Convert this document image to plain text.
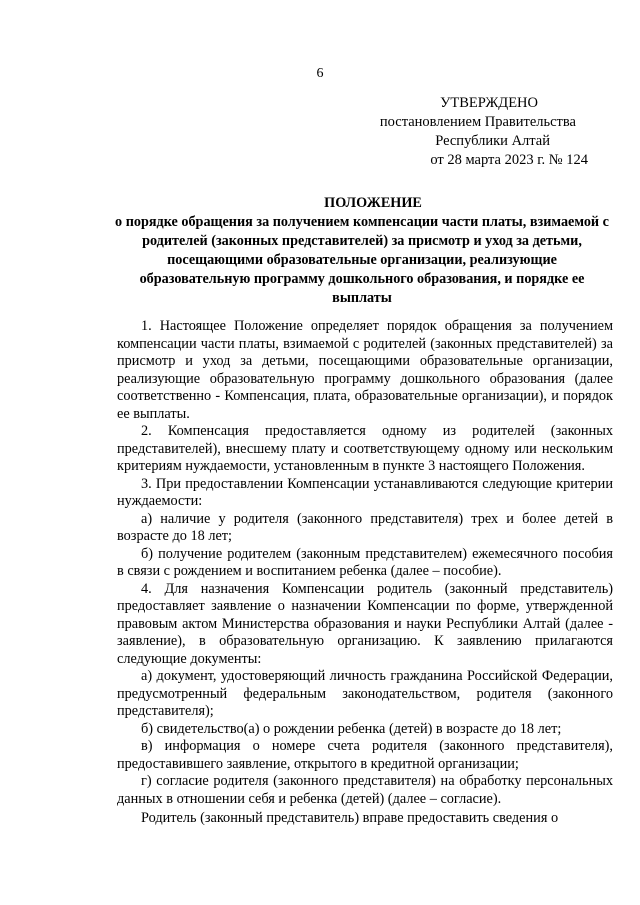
6
УТВЕРЖДЕНО
постановлением Правительства
Республики Алтай
от 28 марта 2023 г. № 124
ПОЛОЖЕНИЕ
о порядке обращения за получением компенсации части платы, взимаемой с родителей (законных представителей) за присмотр и уход за детьми, посещающими образовательные организации, реализующие образовательную программу дошкольного образования, и порядке ее выплаты

1. Настоящее Положение определяет порядок обращения за получением компенсации части платы, взимаемой с родителей (законных представителей) за присмотр и уход за детьми, посещающими образовательные организации, реализующие образовательную программу дошкольного образования (далее соответственно - Компенсация, плата, образовательные организации), и порядок ее выплаты.

2. Компенсация предоставляется одному из родителей (законных представителей), внесшему плату и соответствующему одному или нескольким критериям нуждаемости, установленным в пункте 3 настоящего Положения.

3. При предоставлении Компенсации устанавливаются следующие критерии нуждаемости:

а) наличие у родителя (законного представителя) трех и более детей в возрасте до 18 лет;

б) получение родителем (законным представителем) ежемесячного пособия в связи с рождением и воспитанием ребенка (далее – пособие).

4. Для назначения Компенсации родитель (законный представитель) предоставляет заявление о назначении Компенсации по форме, утвержденной правовым актом Министерства образования и науки Республики Алтай (далее - заявление), в образовательную организацию. К заявлению прилагаются следующие документы:

а) документ, удостоверяющий личность гражданина Российской Федерации, предусмотренный федеральным законодательством, родителя (законного представителя);

б) свидетельство(а) о рождении ребенка (детей) в возрасте до 18 лет;

в) информация о номере счета родителя (законного представителя), предоставившего заявление, открытого в кредитной организации;

г) согласие родителя (законного представителя) на обработку персональных данных в отношении себя и ребенка (детей) (далее – согласие).

Родитель (законный представитель) вправе предоставить сведения о
